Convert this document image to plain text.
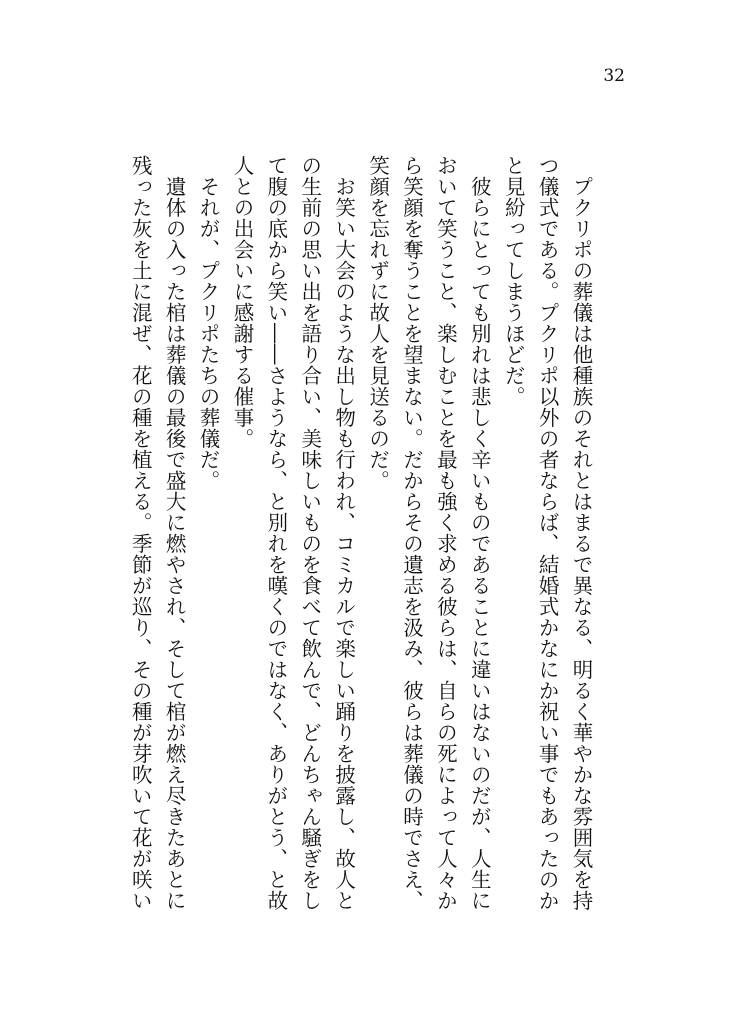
32

プクリポの葬儀は他種族のそれとはまるで異なる、明るく華やかな雰囲気を持つ儀式である。プクリポ以外の者ならば、結婚式かなにか祝い事でもあったのかと見紛ってしまうほどだ。

彼らにとっても別れは悲しく辛いものであることに違いはないのだが、人生において笑うこと、楽しむことを最も強く求める彼らは、自らの死によって人々から笑顔を奪うことを望まない。だからその遺志を汲み、彼らは葬儀の時でさえ、笑顔を忘れずに故人を見送るのだ。

お笑い大会のような出し物も行われ、コミカルで楽しい踊りを披露し、故人との生前の思い出を語り合い、美味しいものを食べて飲んで、どんちゃん騒ぎをして腹の底から笑い――さようなら、と別れを嘆くのではなく、ありがとう、と故人との出会いに感謝する催事。

それが、プクリポたちの葬儀だ。

遺体の入った棺は葬儀の最後で盛大に燃やされ、そして棺が燃え尽きたあとに残った灰を土に混ぜ、花の種を植える。季節が巡り、その種が芽吹いて花が咲い
